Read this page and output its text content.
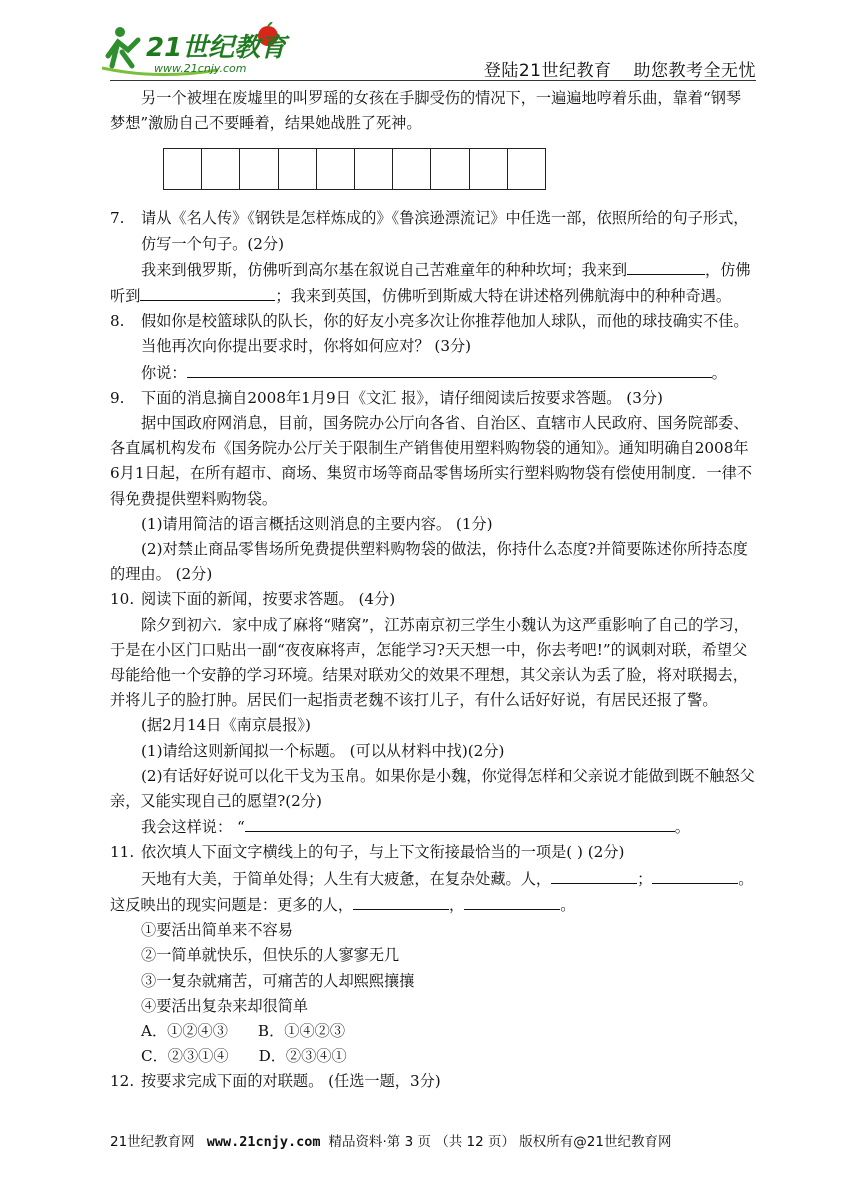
21世纪教育
www.21cnjy.com	登陆21世纪教育 助您教考全无忧

另一个被埋在废墟里的叫罗瑶的女孩在手脚受伤的情况下，一遍遍地哼着乐曲，靠着“钢琴梦想”激励自己不要睡着，结果她战胜了死神。

7. 请从《名人传》《钢铁是怎样炼成的》《鲁滨逊漂流记》中任选一部，依照所给的句子形式，仿写一个句子。(2分)

我来到俄罗斯，仿佛听到高尔基在叙说自己苦难童年的种种坎坷；我来到	，仿佛听到	；我来到英国，仿佛听到斯威大特在讲述格列佛航海中的种种奇遇。

8. 假如你是校篮球队的队长，你的好友小亮多次让你推荐他加人球队，而他的球技确实不佳。当他再次向你提出要求时，你将如何应对？ (3分)

你说：	。

9. 下面的消息摘自2008年1月9日《文汇 报》，请仔细阅读后按要求答题。 (3分)

据中国政府网消息，目前，国务院办公厅向各省、自治区、直辖市人民政府、国务院部委、各直属机构发布《国务院办公厅关于限制生产销售使用塑料购物袋的通知》。通知明确自2008年6月1日起，在所有超市、商场、集贸市场等商品零售场所实行塑料购物袋有偿使用制度．一律不得免费提供塑料购物袋。

(1)请用简洁的语言概括这则消息的主要内容。 (1分)

(2)对禁止商品零售场所免费提供塑料购物袋的做法，你持什么态度?并简要陈述你所持态度的理由。 (2分)

10. 阅读下面的新闻，按要求答题。 (4分)

除夕到初六．家中成了麻将“赌窝”，江苏南京初三学生小魏认为这严重影响了自己的学习，于是在小区门口贴出一副“夜夜麻将声，怎能学习?天天想一中，你去考吧!”的讽刺对联，希望父母能给他一个安静的学习环境。结果对联劝父的效果不理想，其父亲认为丢了脸，将对联揭去，并将儿子的脸打肿。居民们一起指责老魏不该打儿子，有什么话好好说，有居民还报了警。

(据2月14日《南京晨报》)

(1)请给这则新闻拟一个标题。 (可以从材料中找)(2分)

(2)有话好好说可以化干戈为玉帛。如果你是小魏，你觉得怎样和父亲说才能做到既不触怒父亲，又能实现自己的愿望?(2分)

我会这样说： “	。

11. 依次填人下面文字横线上的句子，与上下文衔接最恰当的一项是( ) (2分)

天地有大美，于简单处得；人生有大疲惫，在复杂处藏。人，	；	。这反映出的现实问题是：更多的人，	，	。

①要活出简单来不容易

②一简单就快乐，但快乐的人寥寥无几

③一复杂就痛苦，可痛苦的人却熙熙攘攘

④要活出复杂来却很简单

A．①②④③ B．①④②③

C．②③①④ D．②③④①

12. 按要求完成下面的对联题。 (任选一题，3分)

21世纪教育网 www.21cnjy.com 精品资料·第 3 页 （共 12 页） 版权所有@21世纪教育网
